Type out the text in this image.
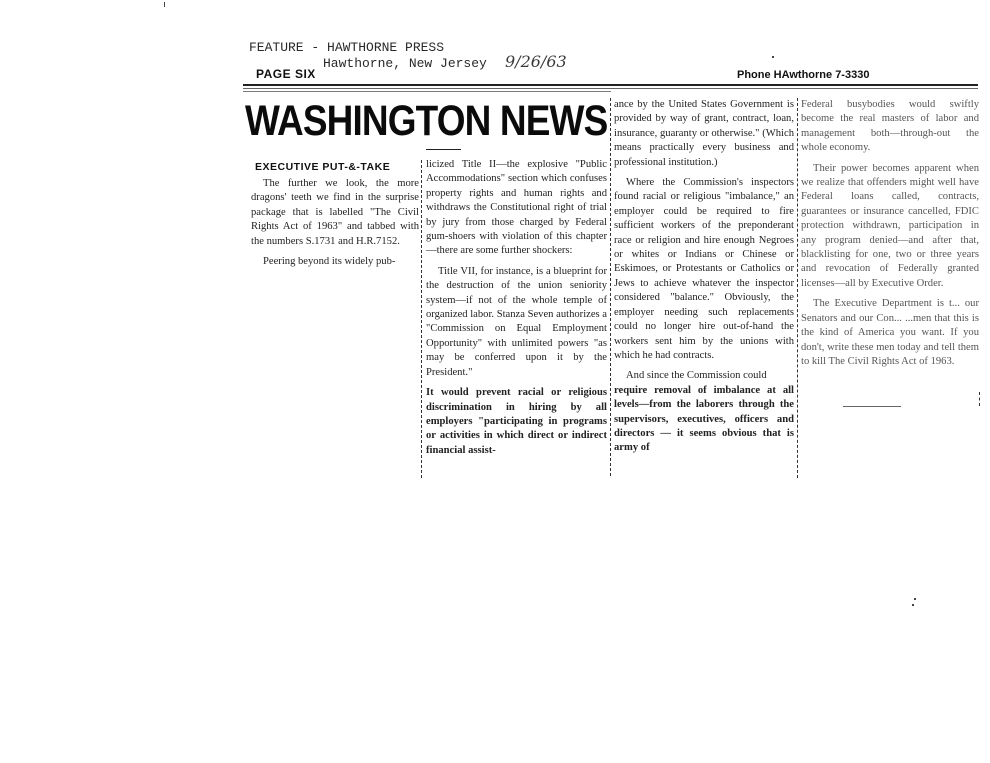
FEATURE - HAWTHORNE PRESS
Hawthorne, New Jersey 9/26/63
PAGE SIX	Phone HAwthorne 7-3330
WASHINGTON NEWS
EXECUTIVE PUT-&-TAKE

The further we look, the more dragons' teeth we find in the surprise package that is labelled "The Civil Rights Act of 1963" and tabbed with the numbers S.1731 and H.R.7152.

Peering beyond its widely pub-

licized Title II—the explosive "Public Accommodations" section which confuses property rights and human rights and withdraws the Constitutional right of trial by jury from those charged by Federal gum-shoers with violation of this chapter—there are some further shockers:

Title VII, for instance, is a blueprint for the destruction of the union seniority system—if not of the whole temple of organized labor. Stanza Seven authorizes a "Commission on Equal Employment Opportunity" with unlimited powers "as may be conferred upon it by the President."

It would prevent racial or religious discrimination in hiring by all employers "participating in programs or activities in which direct or indirect financial assist-

ance by the United States Government is provided by way of grant, contract, loan, insurance, guaranty or otherwise." (Which means practically every business and professional institution.)

Where the Commission's inspectors found racial or religious "imbalance," an employer could be required to fire sufficient workers of the preponderant race or religion and hire enough Negroes or whites or Indians or Chinese or Eskimoes, or Protestants or Catholics or Jews to achieve whatever the inspector considered "balance." Obviously, the employer needing such replacements could no longer hire out-of-hand the workers sent him by the unions with which he had contracts.

And since the Commission could

require removal of imbalance at all levels—from the laborers through the supervisors, executives, officers and directors — it seems obvious that is army of

Federal busybodies would swiftly become the real masters of labor and management both—through-out the whole economy.

Their power becomes apparent when we realize that offenders might well have Federal loans called, contracts, guarantees or insurance cancelled, FDIC protection withdrawn, participation in any program denied—and after that, blacklisting for one, two or three years and revocation of Federally granted licenses—all by Executive Order.

The Executive Department is t... our Senators and our Con... ...men that this is the kind of America you want. If you don't, write these men today and tell them to kill The Civil Rights Act of 1963.
